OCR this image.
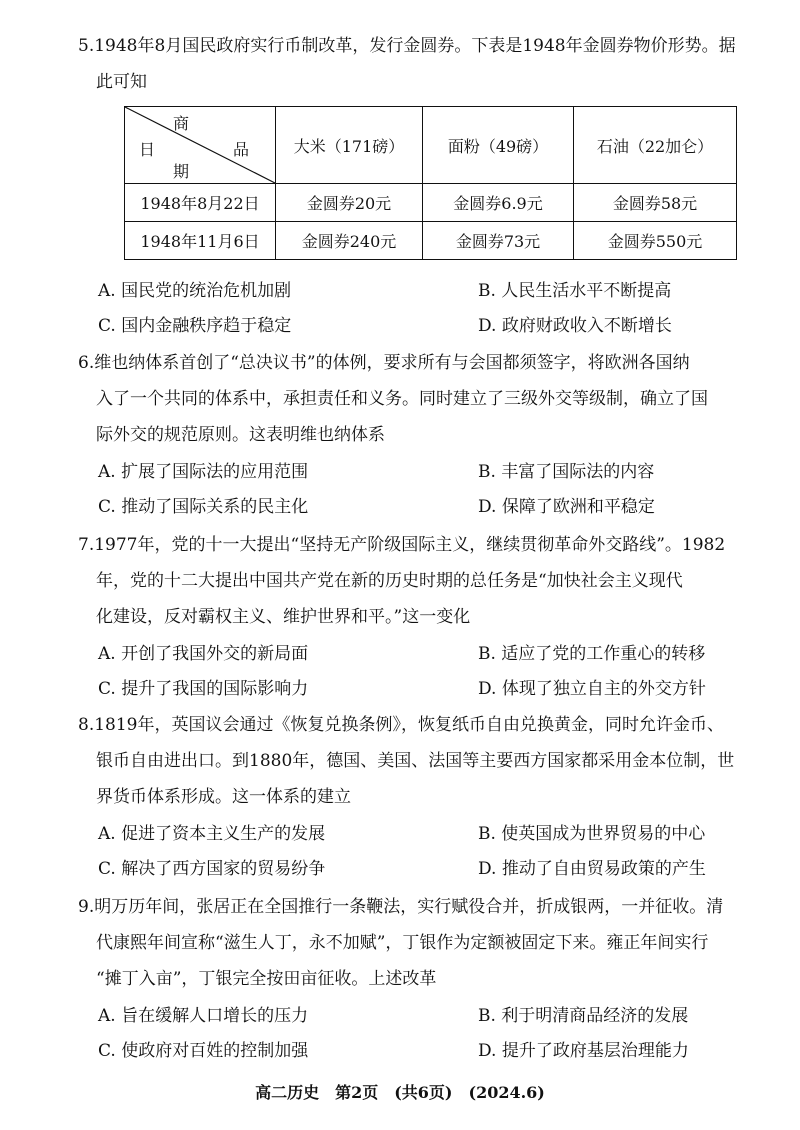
5.1948年8月国民政府实行币制改革，发行金圆券。下表是1948年金圆券物价形势。据
此可知
商
品
日
期	大米（171磅）	面粉（49磅）	石油（22加仑）
1948年8月22日	金圆券20元	金圆券6.9元	金圆券58元
1948年11月6日	金圆券240元	金圆券73元	金圆券550元
A. 国民党的统治危机加剧	B. 人民生活水平不断提高
C. 国内金融秩序趋于稳定	D. 政府财政收入不断增长
6.维也纳体系首创了“总决议书”的体例，要求所有与会国都须签字，将欧洲各国纳
入了一个共同的体系中，承担责任和义务。同时建立了三级外交等级制，确立了国
际外交的规范原则。这表明维也纳体系
A. 扩展了国际法的应用范围	B. 丰富了国际法的内容
C. 推动了国际关系的民主化	D. 保障了欧洲和平稳定
7.1977年，党的十一大提出“坚持无产阶级国际主义，继续贯彻革命外交路线”。1982
年，党的十二大提出中国共产党在新的历史时期的总任务是“加快社会主义现代
化建设，反对霸权主义、维护世界和平。”这一变化
A. 开创了我国外交的新局面	B. 适应了党的工作重心的转移
C. 提升了我国的国际影响力	D. 体现了独立自主的外交方针
8.1819年，英国议会通过《恢复兑换条例》，恢复纸币自由兑换黄金，同时允许金币、
银币自由进出口。到1880年，德国、美国、法国等主要西方国家都采用金本位制，世
界货币体系形成。这一体系的建立
A. 促进了资本主义生产的发展	B. 使英国成为世界贸易的中心
C. 解决了西方国家的贸易纷争	D. 推动了自由贸易政策的产生
9.明万历年间，张居正在全国推行一条鞭法，实行赋役合并，折成银两，一并征收。清
代康熙年间宣称“滋生人丁，永不加赋”，丁银作为定额被固定下来。雍正年间实行
“摊丁入亩”，丁银完全按田亩征收。上述改革
A. 旨在缓解人口增长的压力	B. 利于明清商品经济的发展
C. 使政府对百姓的控制加强	D. 提升了政府基层治理能力
高二历史　第2页　(共6页)　(2024.6)
